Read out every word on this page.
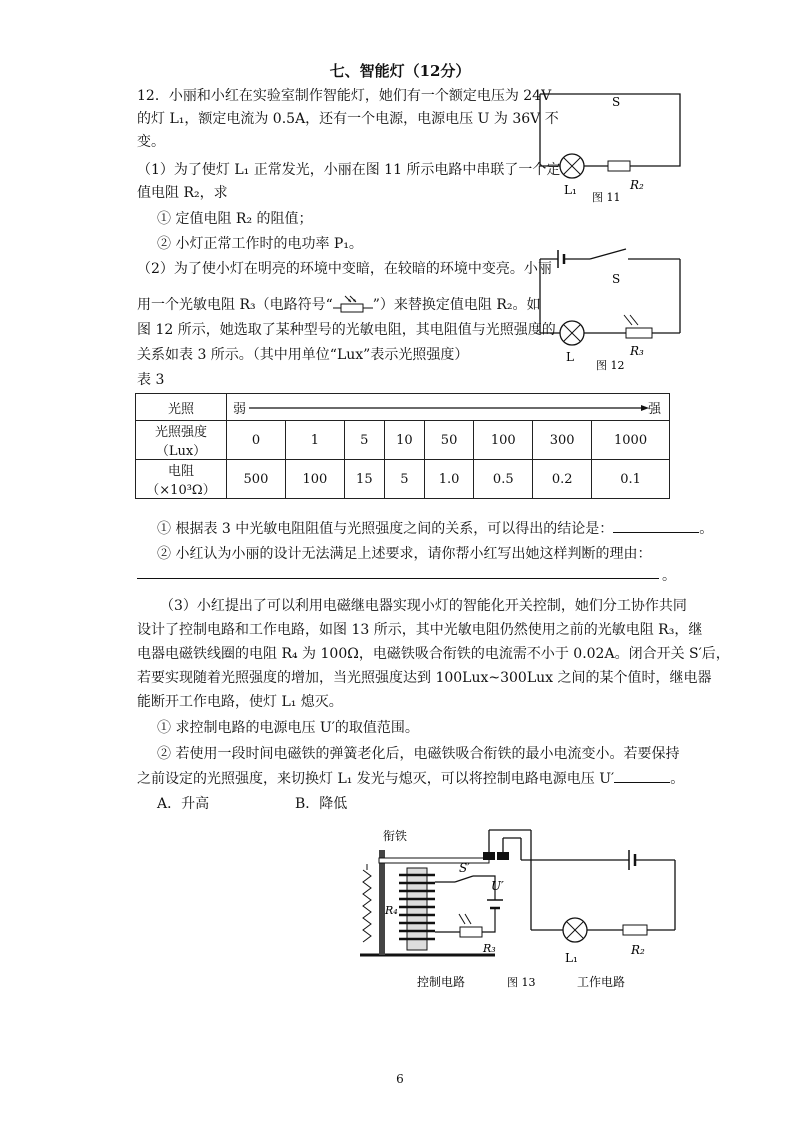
七、智能灯（12分）
12．小丽和小红在实验室制作智能灯，她们有一个额定电压为 24V
的灯 L₁，额定电流为 0.5A，还有一个电源，电源电压 U 为 36V 不
变。
（1）为了使灯 L₁ 正常发光，小丽在图 11 所示电路中串联了一个定
值电阻 R₂，求
① 定值电阻 R₂ 的阻值；
② 小灯正常工作时的电功率 P₁。
（2）为了使小灯在明亮的环境中变暗，在较暗的环境中变亮。小丽
用一个光敏电阻 R₃（电路符号“	”）来替换定值电阻 R₂。如
图 12 所示，她选取了某种型号的光敏电阻，其电阻值与光照强度的
关系如表 3 所示。（其中用单位“Lux”表示光照强度）
表 3
光照	弱 强							

光照强度
（Lux）	0	1	5	10	50	100	300	1000

电阻
（×10³Ω）	500	100	15	5	1.0	0.5	0.2	0.1
① 根据表 3 中光敏电阻阻值与光照强度之间的关系，可以得出的结论是：	。
② 小红认为小丽的设计无法满足上述要求，请你帮小红写出她这样判断的理由：
。
（3）小红提出了可以利用电磁继电器实现小灯的智能化开关控制，她们分工协作共同
设计了控制电路和工作电路，如图 13 所示，其中光敏电阻仍然使用之前的光敏电阻 R₃，继
电器电磁铁线圈的电阻 R₄ 为 100Ω，电磁铁吸合衔铁的电流需不小于 0.02A。闭合开关 S′后，
若要实现随着光照强度的增加，当光照强度达到 100Lux~300Lux 之间的某个值时，继电器
能断开工作电路，使灯 L₁ 熄灭。
① 求控制电路的电源电压 U′的取值范围。
② 若使用一段时间电磁铁的弹簧老化后，电磁铁吸合衔铁的最小电流变小。若要保持
之前设定的光照强度，来切换灯 L₁ 发光与熄灭，可以将控制电路电源电压 U′	。
A．升高	B．降低
S
L₁	R₂
图 11
S
L	R₃
图 12
衔铁
S′
U′
R₄
R₃
L₁
R₂
控制电路	图 13	工作电路
6
